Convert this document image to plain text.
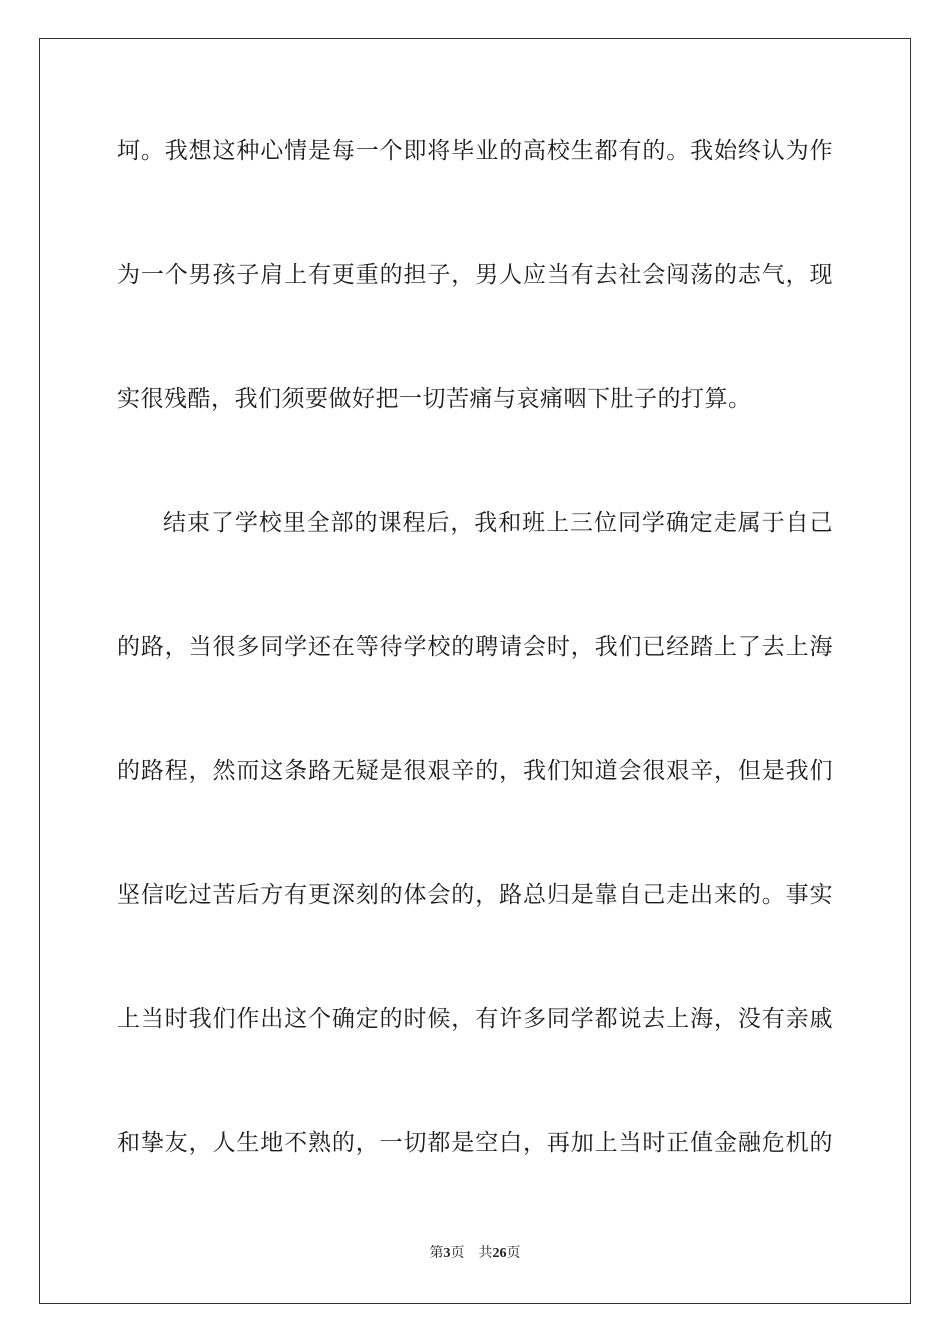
坷。我想这种心情是每一个即将毕业的高校生都有的。我始终认为作
为一个男孩子肩上有更重的担子，男人应当有去社会闯荡的志气，现
实很残酷，我们须要做好把一切苦痛与哀痛咽下肚子的打算。
结束了学校里全部的课程后，我和班上三位同学确定走属于自己
的路，当很多同学还在等待学校的聘请会时，我们已经踏上了去上海
的路程，然而这条路无疑是很艰辛的，我们知道会很艰辛，但是我们
坚信吃过苦后方有更深刻的体会的，路总归是靠自己走出来的。事实
上当时我们作出这个确定的时候，有许多同学都说去上海，没有亲戚
和挚友，人生地不熟的，一切都是空白，再加上当时正值金融危机的
第3页 共26页
